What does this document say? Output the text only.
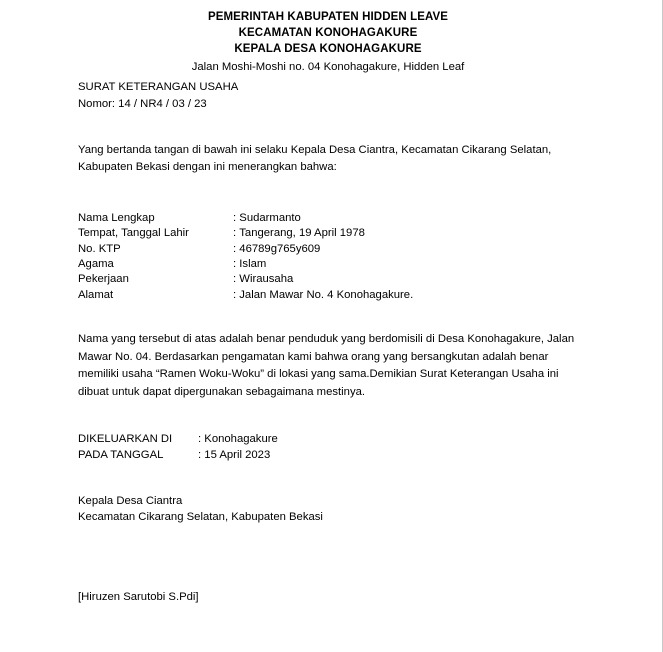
PEMERINTAH KABUPATEN HIDDEN LEAVE
KECAMATAN KONOHAGAKURE
KEPALA DESA KONOHAGAKURE
Jalan Moshi-Moshi no. 04 Konohagakure, Hidden Leaf
SURAT KETERANGAN USAHA
Nomor: 14 / NR4 / 03 / 23
Yang bertanda tangan di bawah ini selaku Kepala Desa Ciantra, Kecamatan Cikarang Selatan, Kabupaten Bekasi dengan ini menerangkan bahwa:
Nama Lengkap	: Sudarmanto
Tempat, Tanggal Lahir	: Tangerang, 19 April 1978
No. KTP	: 46789g765y609
Agama	: Islam
Pekerjaan	: Wirausaha
Alamat	: Jalan Mawar No. 4 Konohagakure.
Nama yang tersebut di atas adalah benar penduduk yang berdomisili di Desa Konohagakure, Jalan Mawar No. 04. Berdasarkan pengamatan kami bahwa orang yang bersangkutan adalah benar memiliki usaha “Ramen Woku-Woku” di lokasi yang sama.Demikian Surat Keterangan Usaha ini dibuat untuk dapat dipergunakan sebagaimana mestinya.
DIKELUARKAN DI	: Konohagakure
PADA TANGGAL	: 15 April 2023
Kepala Desa Ciantra
Kecamatan Cikarang Selatan, Kabupaten Bekasi
[Hiruzen Sarutobi S.Pdi]
